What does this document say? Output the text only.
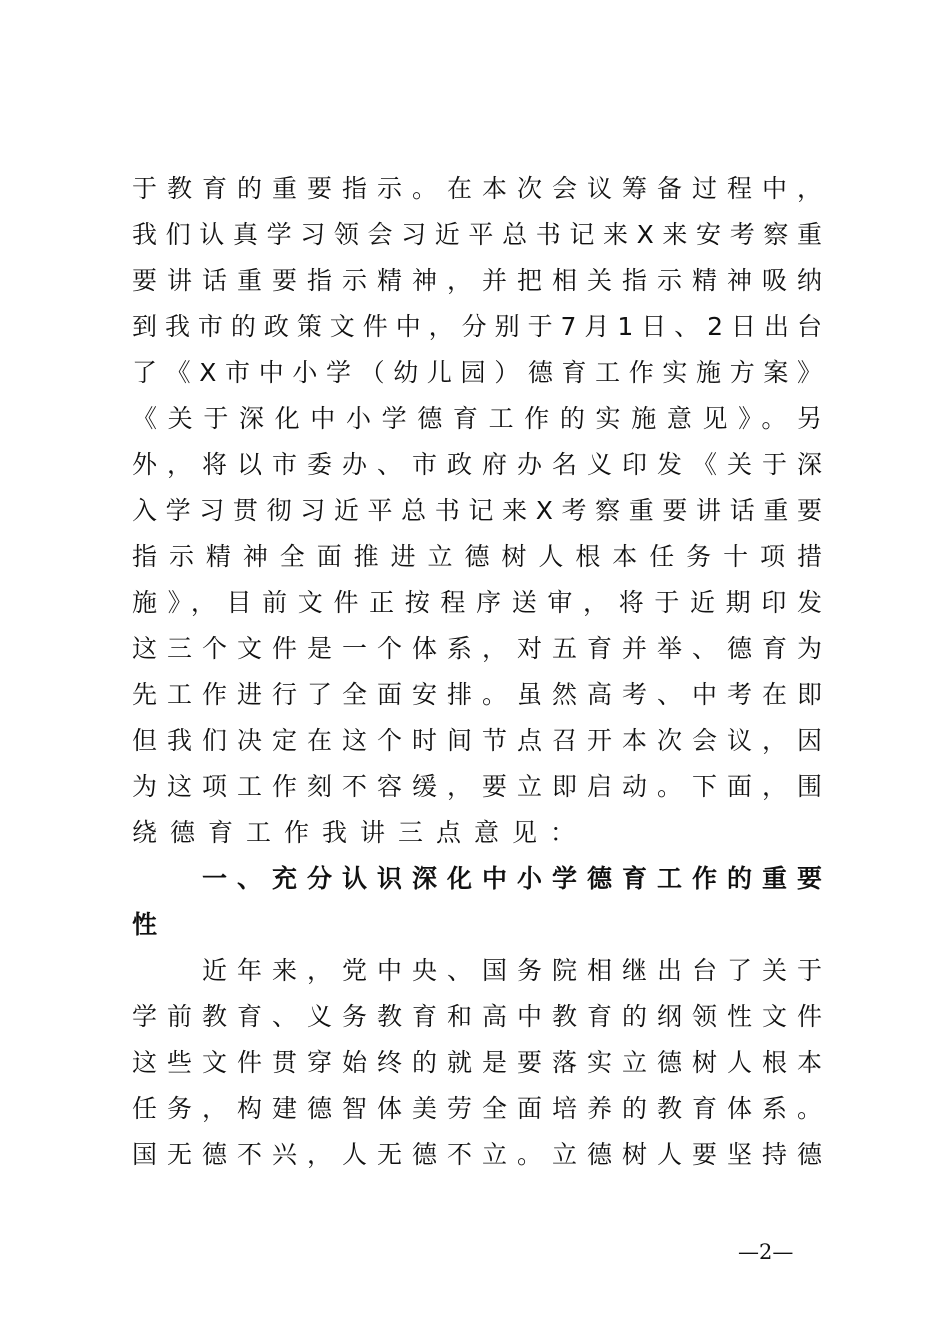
于教育的重要指示。在本次会议筹备过程中，
我们认真学习领会习近平总书记来X来安考察重
要讲话重要指示精神，并把相关指示精神吸纳
到我市的政策文件中，分别于7月1日、2日出台
了《X市中小学（幼儿园）德育工作实施方案》
《关于深化中小学德育工作的实施意见》。另
外，将以市委办、市政府办名义印发《关于深
入学习贯彻习近平总书记来X考察重要讲话重要
指示精神全面推进立德树人根本任务十项措
施》，目前文件正按程序送审，将于近期印发
这三个文件是一个体系，对五育并举、德育为
先工作进行了全面安排。虽然高考、中考在即
但我们决定在这个时间节点召开本次会议，因
为这项工作刻不容缓，要立即启动。下面，围
绕德育工作我讲三点意见：
一、充分认识深化中小学德育工作的重要
性
近年来，党中央、国务院相继出台了关于
学前教育、义务教育和高中教育的纲领性文件
这些文件贯穿始终的就是要落实立德树人根本
任务，构建德智体美劳全面培养的教育体系。
国无德不兴，人无德不立。立德树人要坚持德
—2—
